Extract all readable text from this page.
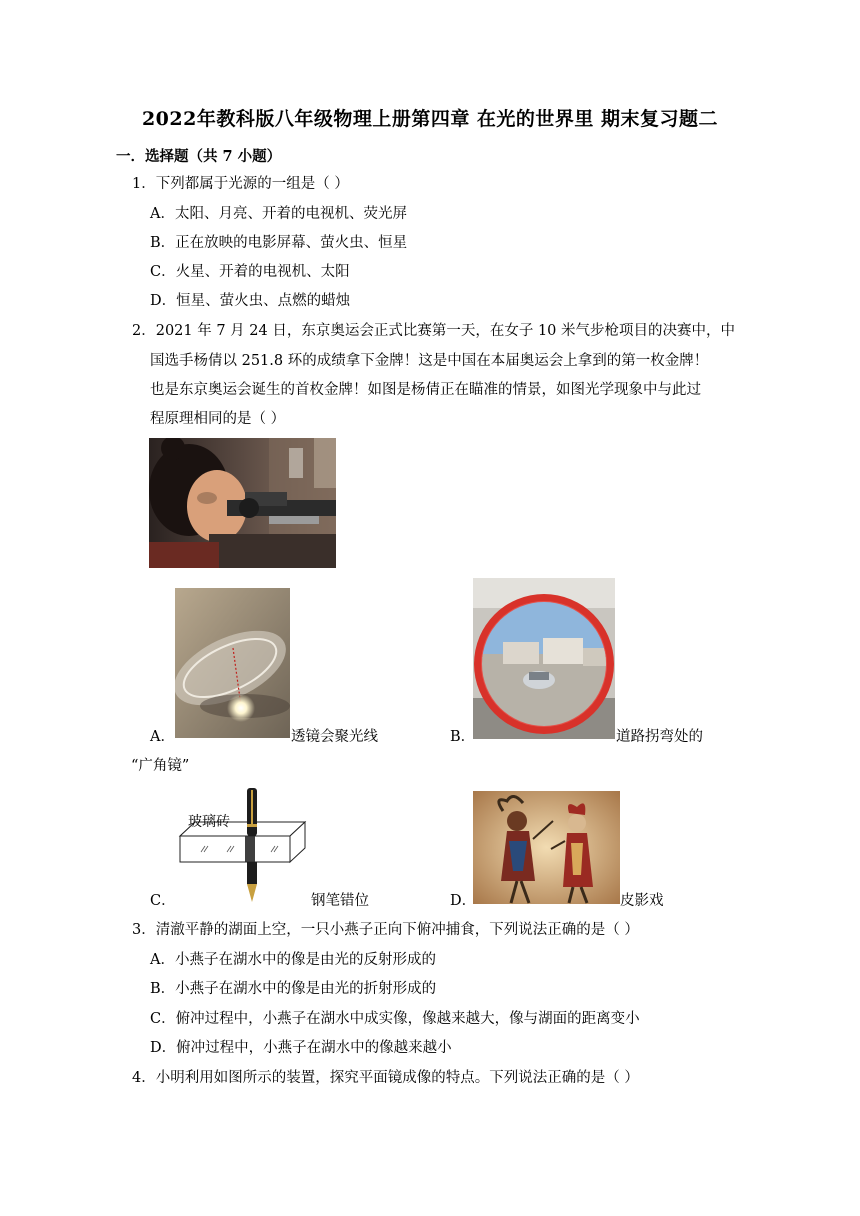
2022年教科版八年级物理上册第四章 在光的世界里 期末复习题二
一．选择题（共 7 小题）
1．下列都属于光源的一组是（ ）
A．太阳、月亮、开着的电视机、荧光屏
B．正在放映的电影屏幕、萤火虫、恒星
C．火星、开着的电视机、太阳
D．恒星、萤火虫、点燃的蜡烛
2．2021 年 7 月 24 日，东京奥运会正式比赛第一天，在女子 10 米气步枪项目的决赛中，中
国选手杨倩以 251.8 环的成绩拿下金牌！这是中国在本届奥运会上拿到的第一枚金牌！
也是东京奥运会诞生的首枚金牌！如图是杨倩正在瞄准的情景，如图光学现象中与此过
程原理相同的是（ ）
A．	透镜会聚光线	B．	道路拐弯处的
“广角镜”
玻璃砖
C．	钢笔错位	D．	皮影戏
3．清澈平静的湖面上空，一只小燕子正向下俯冲捕食，下列说法正确的是（ ）
A．小燕子在湖水中的像是由光的反射形成的
B．小燕子在湖水中的像是由光的折射形成的
C．俯冲过程中，小燕子在湖水中成实像，像越来越大，像与湖面的距离变小
D．俯冲过程中，小燕子在湖水中的像越来越小
4．小明利用如图所示的装置，探究平面镜成像的特点。下列说法正确的是（ ）
